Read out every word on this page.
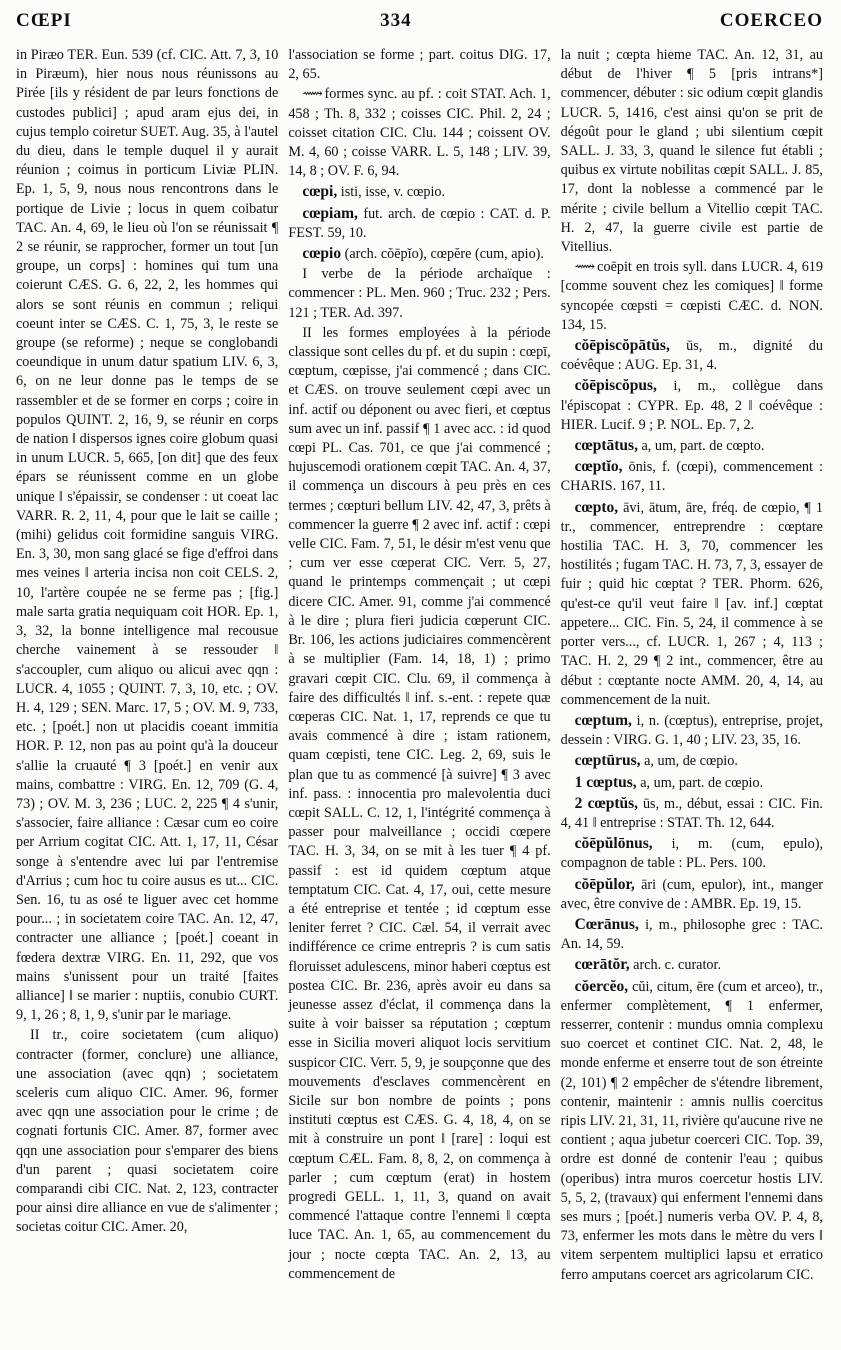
CŒPI	334	COERCEO

in Piræo TER. Eun. 539 (cf. CIC. Att. 7, 3, 10 in Piræum), hier nous nous réunissons au Pirée [ils y résident de par leurs fonctions de custodes publici] ; apud aram ejus dei, in cujus templo coiretur SUET. Aug. 35, à l'autel du dieu, dans le temple duquel il y aurait réunion ; coimus in porticum Liviæ PLIN. Ep. 1, 5, 9, nous nous rencontrons dans le portique de Livie ; locus in quem coibatur TAC. An. 4, 69, le lieu où l'on se réunissait ¶ 2 se réunir, se rapprocher, former un tout [un groupe, un corps] : homines qui tum una coierunt CÆS. G. 6, 22, 2, les hommes qui alors se sont réunis en commun ; reliqui coeunt inter se CÆS. C. 1, 75, 3, le reste se groupe (se reforme) ; neque se conglobandi coeundique in unum datur spatium LIV. 6, 3, 6, on ne leur donne pas le temps de se rassembler et de se former en corps ; coire in populos QUINT. 2, 16, 9, se réunir en corps de nation ‖ dispersos ignes coire globum quasi in unum LUCR. 5, 665, [on dit] que des feux épars se réunissent comme en un globe unique ‖ s'épaissir, se condenser : ut coeat lac VARR. R. 2, 11, 4, pour que le lait se caille ; (mihi) gelidus coit formidine sanguis VIRG. En. 3, 30, mon sang glacé se fige d'effroi dans mes veines ‖ arteria incisa non coit CELS. 2, 10, l'artère coupée ne se ferme pas ; [fig.] male sarta gratia nequiquam coit HOR. Ep. 1, 3, 32, la bonne intelligence mal recousue cherche vainement à se ressouder ‖ s'accoupler, cum aliquo ou alicui avec qqn : LUCR. 4, 1055 ; QUINT. 7, 3, 10, etc. ; OV. H. 4, 129 ; SEN. Marc. 17, 5 ; OV. M. 9, 733, etc. ; [poét.] non ut placidis coeant immitia HOR. P. 12, non pas au point qu'à la douceur s'allie la cruauté ¶ 3 [poét.] en venir aux mains, combattre : VIRG. En. 12, 709 (G. 4, 73) ; OV. M. 3, 236 ; LUC. 2, 225 ¶ 4 s'unir, s'associer, faire alliance : Cæsar cum eo coire per Arrium cogitat CIC. Att. 1, 17, 11, César songe à s'entendre avec lui par l'entremise d'Arrius ; cum hoc tu coire ausus es ut... CIC. Sen. 16, tu as osé te liguer avec cet homme pour... ; in societatem coire TAC. An. 12, 47, contracter une alliance ; [poét.] coeant in fœdera dextræ VIRG. En. 11, 292, que vos mains s'unissent pour un traité [faites alliance] ‖ se marier : nuptiis, conubio CURT. 9, 1, 26 ; 8, 1, 9, s'unir par le mariage.

II tr., coire societatem (cum aliquo) contracter (former, conclure) une alliance, une association (avec qqn) ; societatem sceleris cum aliquo CIC. Amer. 96, former avec qqn une association pour le crime ; de cognati fortunis CIC. Amer. 87, former avec qqn une association pour s'emparer des biens d'un parent ; quasi societatem coire comparandi cibi CIC. Nat. 2, 123, contracter pour ainsi dire alliance en vue de s'alimenter ; societas coitur CIC. Amer. 20,

l'association se forme ; part. coitus DIG. 17, 2, 65.

⟿ formes sync. au pf. : coit STAT. Ach. 1, 458 ; Th. 8, 332 ; coisses CIC. Phil. 2, 24 ; coisset citation CIC. Clu. 144 ; coissent OV. M. 4, 60 ; coisse VARR. L. 5, 148 ; LIV. 39, 14, 8 ; OV. F. 6, 94.

cœpi, isti, isse, v. cœpio.

cœpiam, fut. arch. de cœpio : CAT. d. P. FEST. 59, 10.

cœpio (arch. cŏēpĭo), cœpĕre (cum, apio).

I verbe de la période archaïque : commencer : PL. Men. 960 ; Truc. 232 ; Pers. 121 ; TER. Ad. 397.

II les formes employées à la période classique sont celles du pf. et du supin : cœpī, cœptum, cœpisse, j'ai commencé ; dans CIC. et CÆS. on trouve seulement cœpi avec un inf. actif ou déponent ou avec fieri, et cœptus sum avec un inf. passif ¶ 1 avec acc. : id quod cœpi PL. Cas. 701, ce que j'ai commencé ; hujuscemodi orationem cœpit TAC. An. 4, 37, il commença un discours à peu près en ces termes ; cœpturi bellum LIV. 42, 47, 3, prêts à commencer la guerre ¶ 2 avec inf. actif : cœpi velle CIC. Fam. 7, 51, le désir m'est venu que ; cum ver esse cœperat CIC. Verr. 5, 27, quand le printemps commençait ; ut cœpi dicere CIC. Amer. 91, comme j'ai commencé à le dire ; plura fieri judicia cœperunt CIC. Br. 106, les actions judiciaires commencèrent à se multiplier (Fam. 14, 18, 1) ; primo gravari cœpit CIC. Clu. 69, il commença à faire des difficultés ‖ inf. s.-ent. : repete quæ cœperas CIC. Nat. 1, 17, reprends ce que tu avais commencé à dire ; istam rationem, quam cœpisti, tene CIC. Leg. 2, 69, suis le plan que tu as commencé [à suivre] ¶ 3 avec inf. pass. : innocentia pro malevolentia duci cœpit SALL. C. 12, 1, l'intégrité commença à passer pour malveillance ; occidi cœpere TAC. H. 3, 34, on se mit à les tuer ¶ 4 pf. passif : est id quidem cœptum atque temptatum CIC. Cat. 4, 17, oui, cette mesure a été entreprise et tentée ; id cœptum esse leniter ferret ? CIC. Cæl. 54, il verrait avec indifférence ce crime entrepris ? is cum satis floruisset adulescens, minor haberi cœptus est postea CIC. Br. 236, après avoir eu dans sa jeunesse assez d'éclat, il commença dans la suite à voir baisser sa réputation ; cœptum esse in Sicilia moveri aliquot locis servitium suspicor CIC. Verr. 5, 9, je soupçonne que des mouvements d'esclaves commencèrent en Sicile sur bon nombre de points ; pons instituti cœptus est CÆS. G. 4, 18, 4, on se mit à construire un pont ‖ [rare] : loqui est cœptum CÆL. Fam. 8, 8, 2, on commença à parler ; cum cœptum (erat) in hostem progredi GELL. 1, 11, 3, quand on avait commencé l'attaque contre l'ennemi ‖ cœpta luce TAC. An. 1, 65, au commencement du jour ; nocte cœpta TAC. An. 2, 13, au commencement de

la nuit ; cœpta hieme TAC. An. 12, 31, au début de l'hiver ¶ 5 [pris intrans*] commencer, débuter : sic odium cœpit glandis LUCR. 5, 1416, c'est ainsi qu'on se prit de dégoût pour le gland ; ubi silentium cœpit SALL. J. 33, 3, quand le silence fut établi ; quibus ex virtute nobilitas cœpit SALL. J. 85, 17, dont la noblesse a commencé par le mérite ; civile bellum a Vitellio cœpit TAC. H. 2, 47, la guerre civile est partie de Vitellius.

⟿ coēpit en trois syll. dans LUCR. 4, 619 [comme souvent chez les comiques] ‖ forme syncopée cœpsti = cœpisti CÆC. d. NON. 134, 15.

cŏēpiscŏpātŭs, ūs, m., dignité du coévêque : AUG. Ep. 31, 4.

cŏēpiscŏpus, i, m., collègue dans l'épiscopat : CYPR. Ep. 48, 2 ‖ coévêque : HIER. Lucif. 9 ; P. NOL. Ep. 7, 2.

cœptātus, a, um, part. de cœpto.

cœptĭo, ōnis, f. (cœpi), commencement : CHARIS. 167, 11.

cœpto, āvi, ātum, āre, fréq. de cœpio, ¶ 1 tr., commencer, entreprendre : cœptare hostilia TAC. H. 3, 70, commencer les hostilités ; fugam TAC. H. 73, 7, 3, essayer de fuir ; quid hic cœptat ? TER. Phorm. 626, qu'est-ce qu'il veut faire ‖ [av. inf.] cœptat appetere... CIC. Fin. 5, 24, il commence à se porter vers..., cf. LUCR. 1, 267 ; 4, 113 ; TAC. H. 2, 29 ¶ 2 int., commencer, être au début : cœptante nocte AMM. 20, 4, 14, au commencement de la nuit.

cœptum, i, n. (cœptus), entreprise, projet, dessein : VIRG. G. 1, 40 ; LIV. 23, 35, 16.

cœptūrus, a, um, de cœpio.

1 cœptus, a, um, part. de cœpio.

2 cœptŭs, ūs, m., début, essai : CIC. Fin. 4, 41 ‖ entreprise : STAT. Th. 12, 644.

cŏēpŭlōnus, i, m. (cum, epulo), compagnon de table : PL. Pers. 100.

cŏēpŭlor, āri (cum, epulor), int., manger avec, être convive de : AMBR. Ep. 19, 15.

Cœrānus, i, m., philosophe grec : TAC. An. 14, 59.

cœrātŏr, arch. c. curator.

cŏercĕo, cŭi, citum, ēre (cum et arceo), tr., enfermer complètement, ¶ 1 enfermer, resserrer, contenir : mundus omnia complexu suo coercet et continet CIC. Nat. 2, 48, le monde enferme et enserre tout de son étreinte (2, 101) ¶ 2 empêcher de s'étendre librement, contenir, maintenir : amnis nullis coercitus ripis LIV. 21, 31, 11, rivière qu'aucune rive ne contient ; aqua jubetur coerceri CIC. Top. 39, ordre est donné de contenir l'eau ; quibus (operibus) intra muros coercetur hostis LIV. 5, 5, 2, (travaux) qui enferment l'ennemi dans ses murs ; [poét.] numeris verba OV. P. 4, 8, 73, enfermer les mots dans le mètre du vers ‖ vitem serpentem multiplici lapsu et erratico ferro amputans coercet ars agricolarum CIC.
